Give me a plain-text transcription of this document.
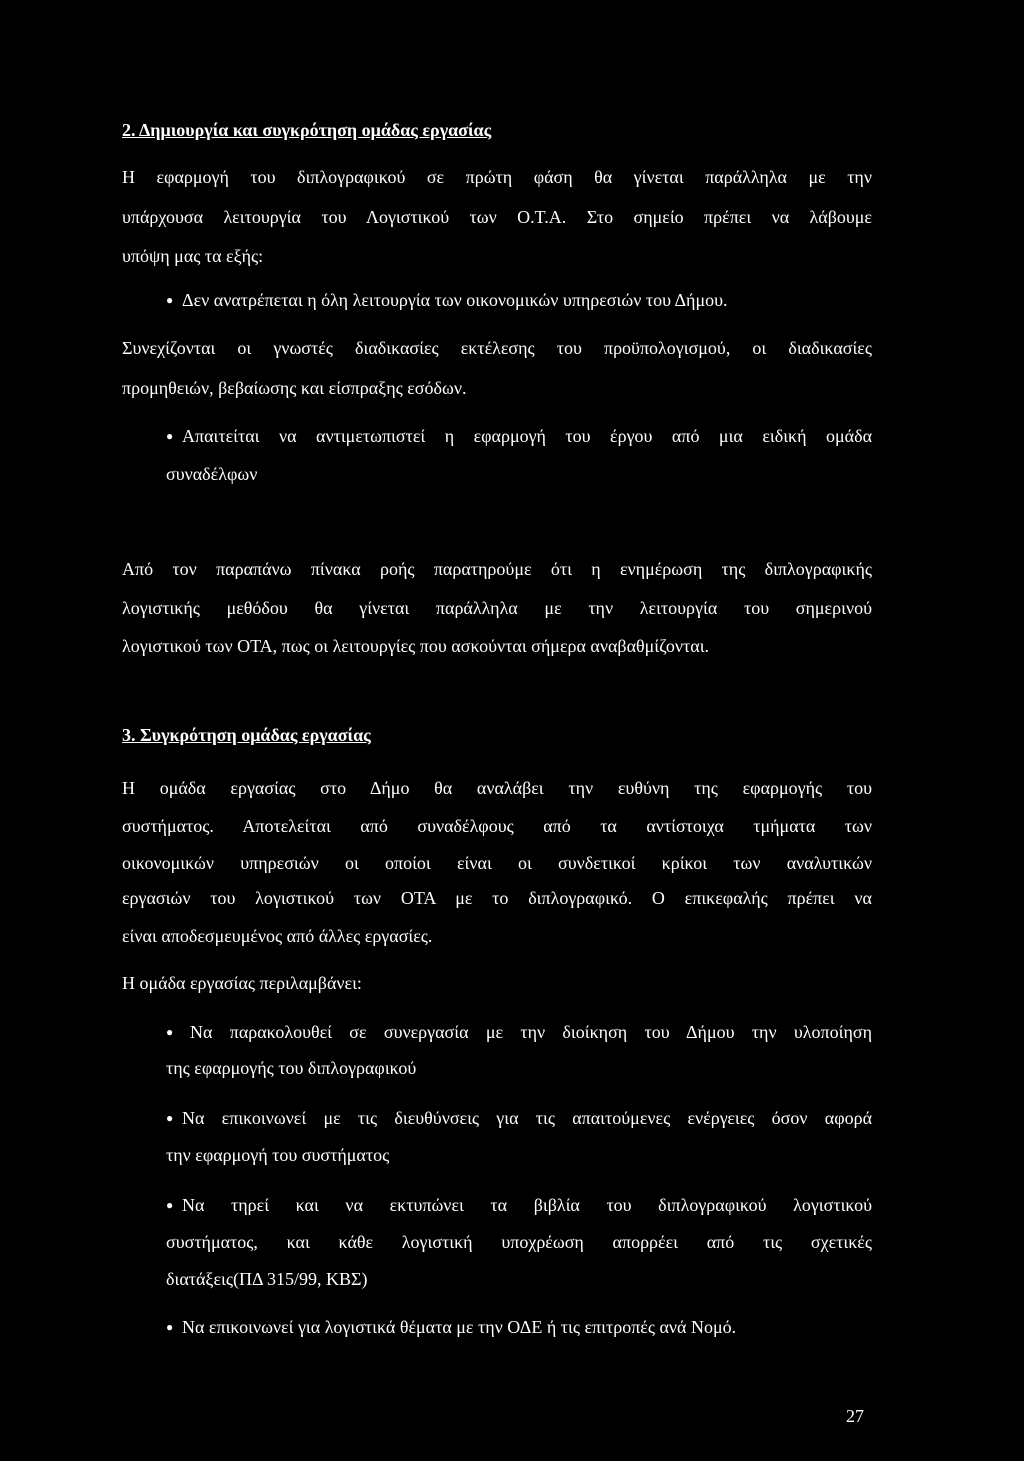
2. Δημιουργία και συγκρότηση ομάδας εργασίας
Η εφαρμογή του διπλογραφικού σε πρώτη φάση θα γίνεται παράλληλα με την
υπάρχουσα λειτουργία του Λογιστικού των Ο.Τ.Α. Στο σημείο πρέπει να λάβουμε
υπόψη μας τα εξής:
● Δεν ανατρέπεται η όλη λειτουργία των οικονομικών υπηρεσιών του Δήμου.
Συνεχίζονται οι γνωστές διαδικασίες εκτέλεσης του προϋπολογισμού, οι διαδικασίες
προμηθειών, βεβαίωσης και είσπραξης εσόδων.
● Απαιτείται να αντιμετωπιστεί η εφαρμογή του έργου από μια ειδική ομάδα
συναδέλφων
Από τον παραπάνω πίνακα ροής παρατηρούμε ότι η ενημέρωση της διπλογραφικής
λογιστικής μεθόδου θα γίνεται παράλληλα με την λειτουργία του σημερινού
λογιστικού των ΟΤΑ, πως οι λειτουργίες που ασκούνται σήμερα αναβαθμίζονται.
3. Συγκρότηση ομάδας εργασίας
Η ομάδα εργασίας στο Δήμο θα αναλάβει την ευθύνη της εφαρμογής του
συστήματος. Αποτελείται από συναδέλφους από τα αντίστοιχα τμήματα των
οικονομικών υπηρεσιών οι οποίοι είναι οι συνδετικοί κρίκοι των αναλυτικών
εργασιών του λογιστικού των ΟΤΑ με το διπλογραφικό. Ο επικεφαλής πρέπει να
είναι αποδεσμευμένος από άλλες εργασίες.
Η ομάδα εργασίας περιλαμβάνει:
● Να παρακολουθεί σε συνεργασία με την διοίκηση του Δήμου την υλοποίηση
της εφαρμογής του διπλογραφικού
● Να επικοινωνεί με τις διευθύνσεις για τις απαιτούμενες ενέργειες όσον αφορά
την εφαρμογή του συστήματος
● Να τηρεί και να εκτυπώνει τα βιβλία του διπλογραφικού λογιστικού
συστήματος, και κάθε λογιστική υποχρέωση απορρέει από τις σχετικές
διατάξεις(ΠΔ 315/99, ΚΒΣ)
● Να επικοινωνεί για λογιστικά θέματα με την ΟΔΕ ή τις επιτροπές ανά Νομό.
27
